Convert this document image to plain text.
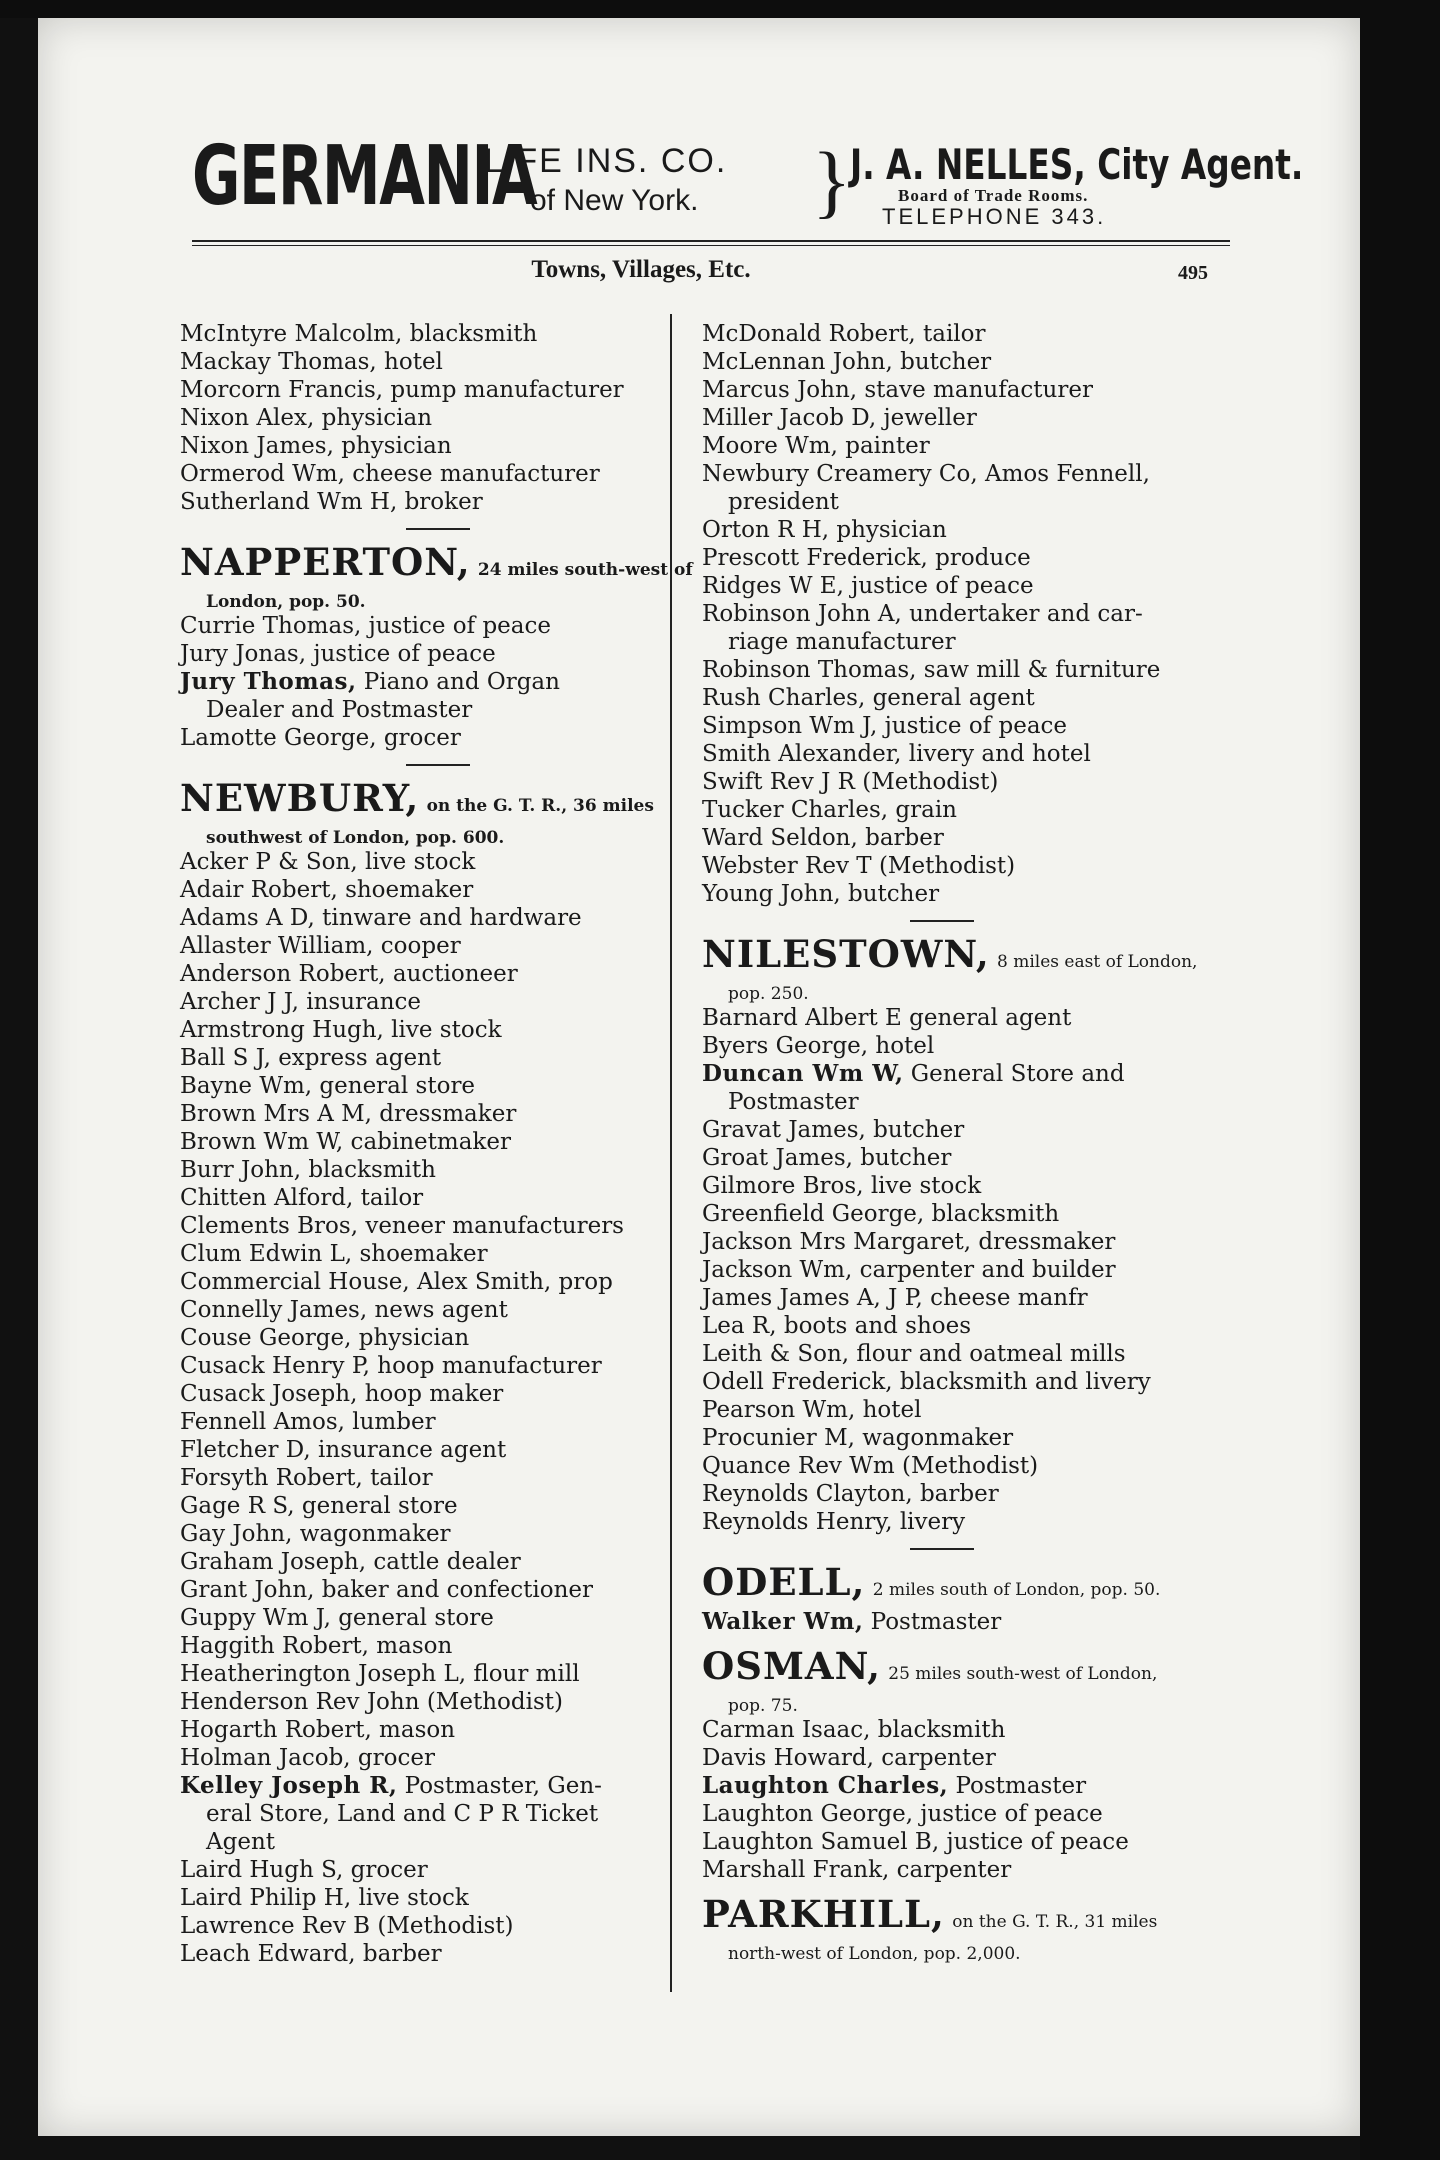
GERMANIA
LIFE INS. CO.
of New York. }
J. A. NELLES, City Agent.
Board of Trade Rooms.
TELEPHONE 343.
Towns, Villages, Etc.	495
McIntyre Malcolm, blacksmith
Mackay Thomas, hotel
Morcorn Francis, pump manufacturer
Nixon Alex, physician
Nixon James, physician
Ormerod Wm, cheese manufacturer
Sutherland Wm H, broker
NAPPERTON, 24 miles south-west of
London, pop. 50.
Currie Thomas, justice of peace
Jury Jonas, justice of peace
Jury Thomas, Piano and Organ
Dealer and Postmaster
Lamotte George, grocer
NEWBURY, on the G. T. R., 36 miles
southwest of London, pop. 600.
Acker P & Son, live stock
Adair Robert, shoemaker
Adams A D, tinware and hardware
Allaster William, cooper
Anderson Robert, auctioneer
Archer J J, insurance
Armstrong Hugh, live stock
Ball S J, express agent
Bayne Wm, general store
Brown Mrs A M, dressmaker
Brown Wm W, cabinetmaker
Burr John, blacksmith
Chitten Alford, tailor
Clements Bros, veneer manufacturers
Clum Edwin L, shoemaker
Commercial House, Alex Smith, prop
Connelly James, news agent
Couse George, physician
Cusack Henry P, hoop manufacturer
Cusack Joseph, hoop maker
Fennell Amos, lumber
Fletcher D, insurance agent
Forsyth Robert, tailor
Gage R S, general store
Gay John, wagonmaker
Graham Joseph, cattle dealer
Grant John, baker and confectioner
Guppy Wm J, general store
Haggith Robert, mason
Heatherington Joseph L, flour mill
Henderson Rev John (Methodist)
Hogarth Robert, mason
Holman Jacob, grocer
Kelley Joseph R, Postmaster, Gen-
eral Store, Land and C P R Ticket
Agent
Laird Hugh S, grocer
Laird Philip H, live stock
Lawrence Rev B (Methodist)
Leach Edward, barber
McDonald Robert, tailor
McLennan John, butcher
Marcus John, stave manufacturer
Miller Jacob D, jeweller
Moore Wm, painter
Newbury Creamery Co, Amos Fennell,
president
Orton R H, physician
Prescott Frederick, produce
Ridges W E, justice of peace
Robinson John A, undertaker and car-
riage manufacturer
Robinson Thomas, saw mill & furniture
Rush Charles, general agent
Simpson Wm J, justice of peace
Smith Alexander, livery and hotel
Swift Rev J R (Methodist)
Tucker Charles, grain
Ward Seldon, barber
Webster Rev T (Methodist)
Young John, butcher
NILESTOWN, 8 miles east of London,
pop. 250.
Barnard Albert E general agent
Byers George, hotel
Duncan Wm W, General Store and
Postmaster
Gravat James, butcher
Groat James, butcher
Gilmore Bros, live stock
Greenfield George, blacksmith
Jackson Mrs Margaret, dressmaker
Jackson Wm, carpenter and builder
James James A, J P, cheese manfr
Lea R, boots and shoes
Leith & Son, flour and oatmeal mills
Odell Frederick, blacksmith and livery
Pearson Wm, hotel
Procunier M, wagonmaker
Quance Rev Wm (Methodist)
Reynolds Clayton, barber
Reynolds Henry, livery
ODELL, 2 miles south of London, pop. 50.
Walker Wm, Postmaster
OSMAN, 25 miles south-west of London,
pop. 75.
Carman Isaac, blacksmith
Davis Howard, carpenter
Laughton Charles, Postmaster
Laughton George, justice of peace
Laughton Samuel B, justice of peace
Marshall Frank, carpenter
PARKHILL, on the G. T. R., 31 miles
north-west of London, pop. 2,000.
